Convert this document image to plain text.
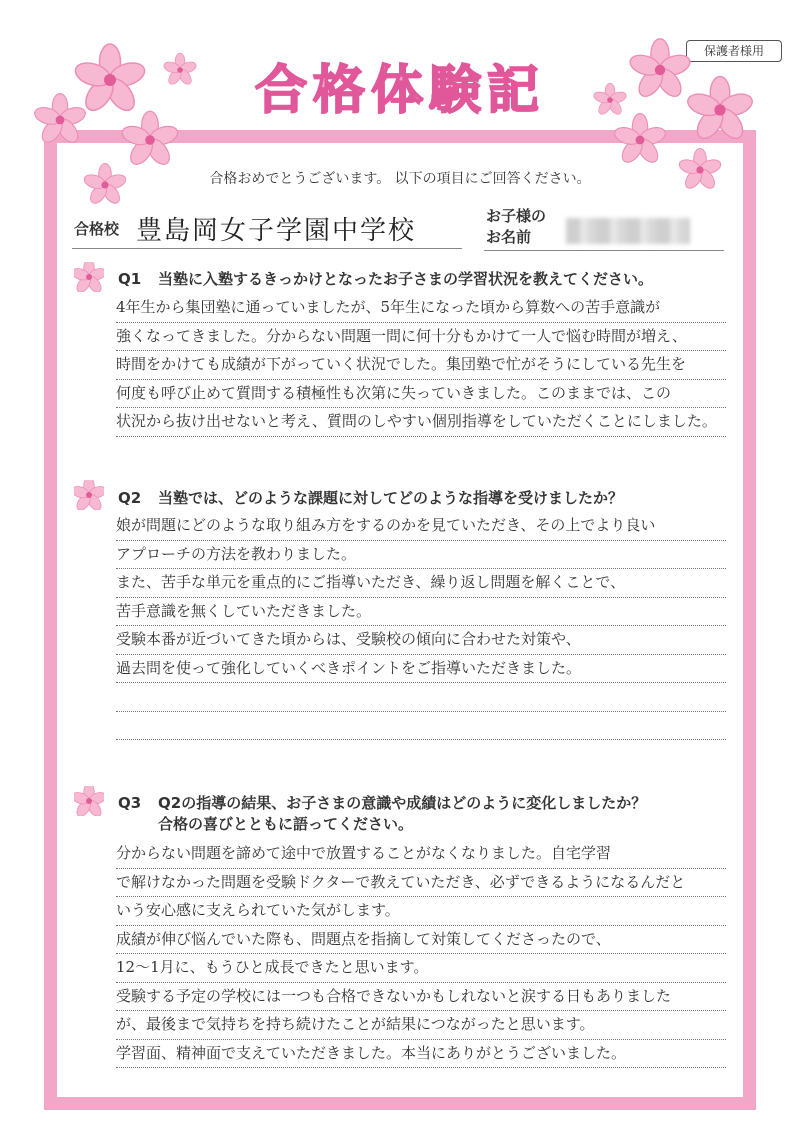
保護者様用
合格体験記
合格おめでとうございます。 以下の項目にご回答ください。
合格校 豊島岡女子学園中学校	お子様の
お名前
Q1 当塾に入塾するきっかけとなったお子さまの学習状況を教えてください。
4年生から集団塾に通っていましたが、5年生になった頃から算数への苦手意識が
強くなってきました。分からない問題一問に何十分もかけて一人で悩む時間が増え、
時間をかけても成績が下がっていく状況でした。集団塾で忙がそうにしている先生を
何度も呼び止めて質問する積極性も次第に失っていきました。このままでは、この
状況から抜け出せないと考え、質問のしやすい個別指導をしていただくことにしました。
Q2 当塾では、どのような課題に対してどのような指導を受けましたか？
娘が問題にどのような取り組み方をするのかを見ていただき、その上でより良い
アプローチの方法を教わりました。
また、苦手な単元を重点的にご指導いただき、繰り返し問題を解くことで、
苦手意識を無くしていただきました。
受験本番が近づいてきた頃からは、受験校の傾向に合わせた対策や、
過去問を使って強化していくべきポイントをご指導いただきました。
Q3 Q2の指導の結果、お子さまの意識や成績はどのように変化しましたか？
合格の喜びとともに語ってください。
分からない問題を諦めて途中で放置することがなくなりました。自宅学習
で解けなかった問題を受験ドクターで教えていただき、必ずできるようになるんだと
いう安心感に支えられていた気がします。
成績が伸び悩んでいた際も、問題点を指摘して対策してくださったので、
12～1月に、もうひと成長できたと思います。
受験する予定の学校には一つも合格できないかもしれないと涙する日もありました
が、最後まで気持ちを持ち続けたことが結果につながったと思います。
学習面、精神面で支えていただきました。本当にありがとうございました。
